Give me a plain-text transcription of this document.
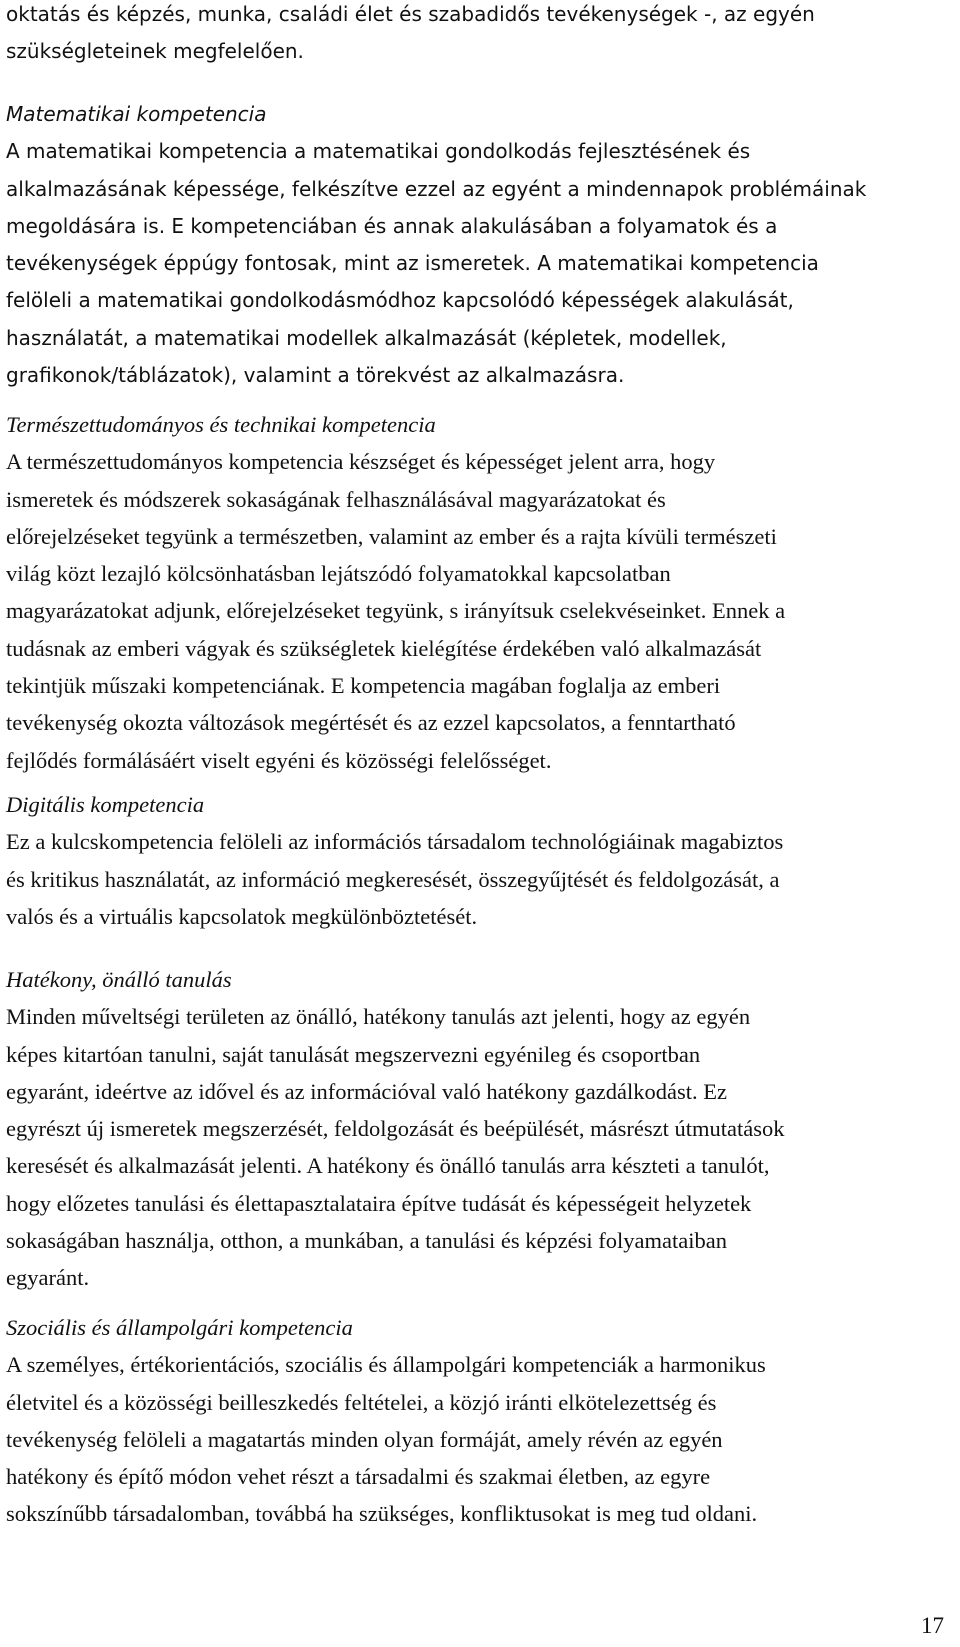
oktatás és képzés, munka, családi élet és szabadidős tevékenységek -, az egyén
szükségleteinek megfelelően.
Matematikai kompetencia
A matematikai kompetencia a matematikai gondolkodás fejlesztésének és
alkalmazásának képessége, felkészítve ezzel az egyént a mindennapok problémáinak
megoldására is. E kompetenciában és annak alakulásában a folyamatok és a
tevékenységek éppúgy fontosak, mint az ismeretek. A matematikai kompetencia
felöleli a matematikai gondolkodásmódhoz kapcsolódó képességek alakulását,
használatát, a matematikai modellek alkalmazását (képletek, modellek,
grafikonok/táblázatok), valamint a törekvést az alkalmazásra.
Természettudományos és technikai kompetencia
A természettudományos kompetencia készséget és képességet jelent arra, hogy
ismeretek és módszerek sokaságának felhasználásával magyarázatokat és
előrejelzéseket tegyünk a természetben, valamint az ember és a rajta kívüli természeti
világ közt lezajló kölcsönhatásban lejátszódó folyamatokkal kapcsolatban
magyarázatokat adjunk, előrejelzéseket tegyünk, s irányítsuk cselekvéseinket. Ennek a
tudásnak az emberi vágyak és szükségletek kielégítése érdekében való alkalmazását
tekintjük műszaki kompetenciának. E kompetencia magában foglalja az emberi
tevékenység okozta változások megértését és az ezzel kapcsolatos, a fenntartható
fejlődés formálásáért viselt egyéni és közösségi felelősséget.
Digitális kompetencia
Ez a kulcskompetencia felöleli az információs társadalom technológiáinak magabiztos
és kritikus használatát, az információ megkeresését, összegyűjtését és feldolgozását, a
valós és a virtuális kapcsolatok megkülönböztetését.
Hatékony, önálló tanulás
Minden műveltségi területen az önálló, hatékony tanulás azt jelenti, hogy az egyén
képes kitartóan tanulni, saját tanulását megszervezni egyénileg és csoportban
egyaránt, ideértve az idővel és az információval való hatékony gazdálkodást. Ez
egyrészt új ismeretek megszerzését, feldolgozását és beépülését, másrészt útmutatások
keresését és alkalmazását jelenti. A hatékony és önálló tanulás arra készteti a tanulót,
hogy előzetes tanulási és élettapasztalataira építve tudását és képességeit helyzetek
sokaságában használja, otthon, a munkában, a tanulási és képzési folyamataiban
egyaránt.
Szociális és állampolgári kompetencia
A személyes, értékorientációs, szociális és állampolgári kompetenciák a harmonikus
életvitel és a közösségi beilleszkedés feltételei, a közjó iránti elkötelezettség és
tevékenység felöleli a magatartás minden olyan formáját, amely révén az egyén
hatékony és építő módon vehet részt a társadalmi és szakmai életben, az egyre
sokszínűbb társadalomban, továbbá ha szükséges, konfliktusokat is meg tud oldani.
17
